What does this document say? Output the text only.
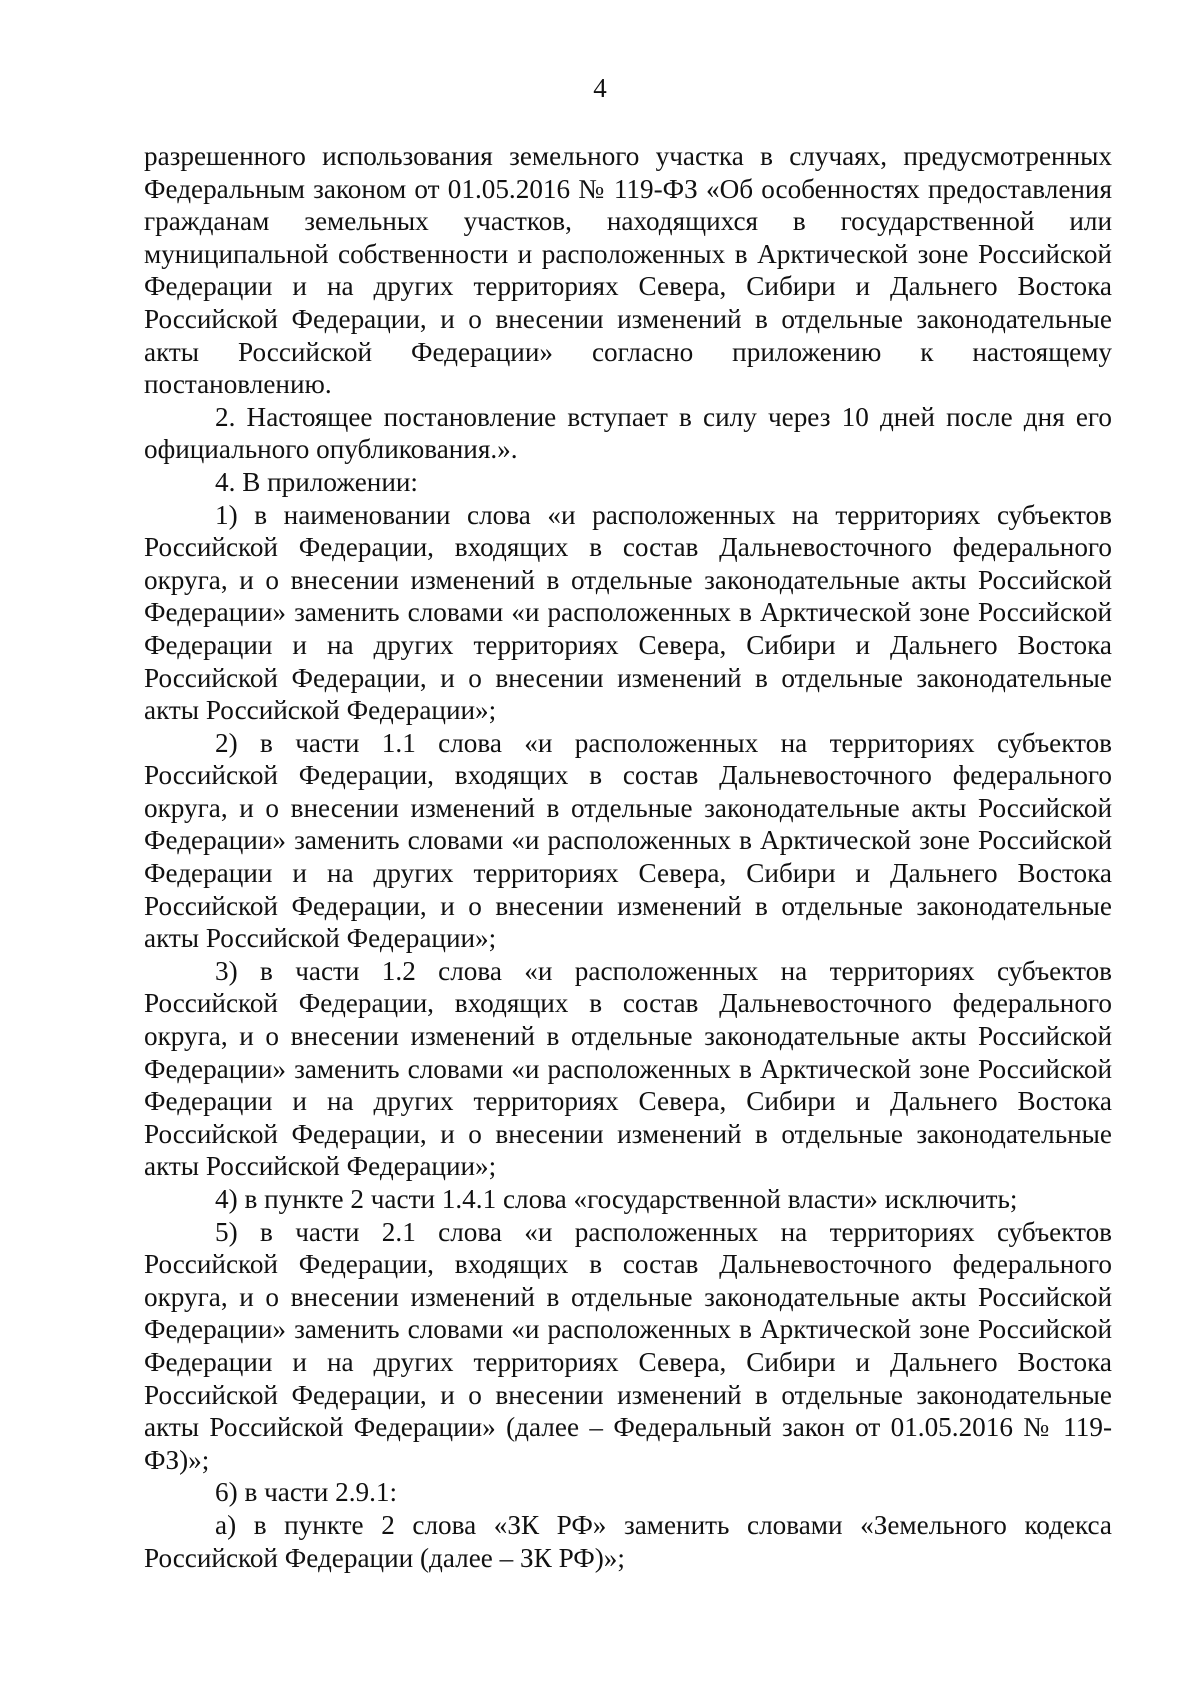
4

разрешенного использования земельного участка в случаях, предусмотренных Федеральным законом от 01.05.2016 № 119-ФЗ «Об особенностях предоставления гражданам земельных участков, находящихся в государственной или муниципальной собственности и расположенных в Арктической зоне Российской Федерации и на других территориях Севера, Сибири и Дальнего Востока Российской Федерации, и о внесении изменений в отдельные законодательные акты Российской Федерации» согласно приложению к настоящему постановлению.

2. Настоящее постановление вступает в силу через 10 дней после дня его официального опубликования.».

4. В приложении:

1) в наименовании слова «и расположенных на территориях субъектов Российской Федерации, входящих в состав Дальневосточного федерального округа, и о внесении изменений в отдельные законодательные акты Российской Федерации» заменить словами «и расположенных в Арктической зоне Российской Федерации и на других территориях Севера, Сибири и Дальнего Востока Российской Федерации, и о внесении изменений в отдельные законодательные акты Российской Федерации»;

2) в части 1.1 слова «и расположенных на территориях субъектов Российской Федерации, входящих в состав Дальневосточного федерального округа, и о внесении изменений в отдельные законодательные акты Российской Федерации» заменить словами «и расположенных в Арктической зоне Российской Федерации и на других территориях Севера, Сибири и Дальнего Востока Российской Федерации, и о внесении изменений в отдельные законодательные акты Российской Федерации»;

3) в части 1.2 слова «и расположенных на территориях субъектов Российской Федерации, входящих в состав Дальневосточного федерального округа, и о внесении изменений в отдельные законодательные акты Российской Федерации» заменить словами «и расположенных в Арктической зоне Российской Федерации и на других территориях Севера, Сибири и Дальнего Востока Российской Федерации, и о внесении изменений в отдельные законодательные акты Российской Федерации»;

4) в пункте 2 части 1.4.1 слова «государственной власти» исключить;

5) в части 2.1 слова «и расположенных на территориях субъектов Российской Федерации, входящих в состав Дальневосточного федерального округа, и о внесении изменений в отдельные законодательные акты Российской Федерации» заменить словами «и расположенных в Арктической зоне Российской Федерации и на других территориях Севера, Сибири и Дальнего Востока Российской Федерации, и о внесении изменений в отдельные законодательные акты Российской Федерации» (далее – Федеральный закон от 01.05.2016 № 119-ФЗ)»;

6) в части 2.9.1:

а) в пункте 2 слова «ЗК РФ» заменить словами «Земельного кодекса Российской Федерации (далее – ЗК РФ)»;
